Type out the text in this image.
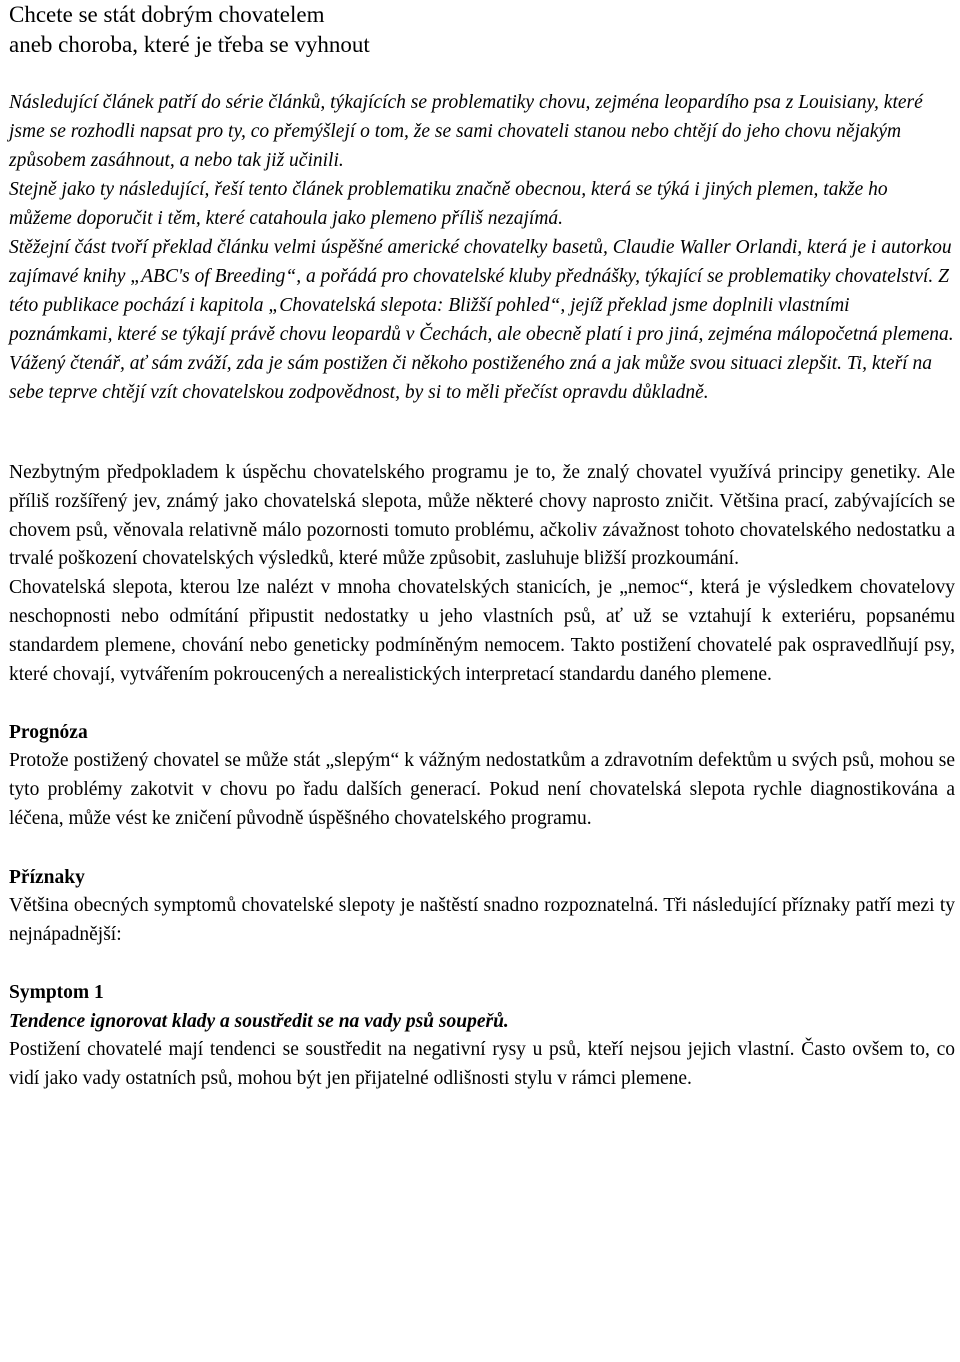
Chcete se stát dobrým chovatelem
aneb choroba, které je třeba se vyhnout

Následující článek patří do série článků, týkajících se problematiky chovu, zejména leopardího psa z Louisiany, které jsme se rozhodli napsat pro ty, co přemýšlejí o tom, že se sami chovateli stanou nebo chtějí do jeho chovu nějakým způsobem zasáhnout, a nebo tak již učinili.

Stejně jako ty následující, řeší tento článek problematiku značně obecnou, která se týká i jiných plemen, takže ho můžeme doporučit i těm, které catahoula jako plemeno příliš nezajímá.

Stěžejní část tvoří překlad článku velmi úspěšné americké chovatelky basetů, Claudie Waller Orlandi, která je i autorkou zajímavé knihy „ABC's of Breeding“, a pořádá pro chovatelské kluby přednášky, týkající se problematiky chovatelství. Z této publikace pochází i kapitola „Chovatelská slepota: Bližší pohled“, jejíž překlad jsme doplnili vlastními poznámkami, které se týkají právě chovu leopardů v Čechách, ale obecně platí i pro jiná, zejména málopočetná plemena.

Vážený čtenář, ať sám zváží, zda je sám postižen či někoho postiženého zná a jak může svou situaci zlepšit. Ti, kteří na sebe teprve chtějí vzít chovatelskou zodpovědnost, by si to měli přečíst opravdu důkladně.

Nezbytným předpokladem k úspěchu chovatelského programu je to, že znalý chovatel využívá principy genetiky. Ale příliš rozšířený jev, známý jako chovatelská slepota, může některé chovy naprosto zničit. Většina prací, zabývajících se chovem psů, věnovala relativně málo pozornosti tomuto problému, ačkoliv závažnost tohoto chovatelského nedostatku a trvalé poškození chovatelských výsledků, které může způsobit, zasluhuje bližší prozkoumání.

Chovatelská slepota, kterou lze nalézt v mnoha chovatelských stanicích, je „nemoc“, která je výsledkem chovatelovy neschopnosti nebo odmítání připustit nedostatky u jeho vlastních psů, ať už se vztahují k exteriéru, popsanému standardem plemene, chování nebo geneticky podmíněným nemocem. Takto postižení chovatelé pak ospravedlňují psy, které chovají, vytvářením pokroucených a nerealistických interpretací standardu daného plemene.

Prognóza
Protože postižený chovatel se může stát „slepým“ k vážným nedostatkům a zdravotním defektům u svých psů, mohou se tyto problémy zakotvit v chovu po řadu dalších generací. Pokud není chovatelská slepota rychle diagnostikována a léčena, může vést ke zničení původně úspěšného chovatelského programu.
Příznaky
Většina obecných symptomů chovatelské slepoty je naštěstí snadno rozpoznatelná. Tři následující příznaky patří mezi ty nejnápadnější:
Symptom 1
Tendence ignorovat klady a soustředit se na vady psů soupeřů.
Postižení chovatelé mají tendenci se soustředit na negativní rysy u psů, kteří nejsou jejich vlastní. Často ovšem to, co vidí jako vady ostatních psů, mohou být jen přijatelné odlišnosti stylu v rámci plemene.
